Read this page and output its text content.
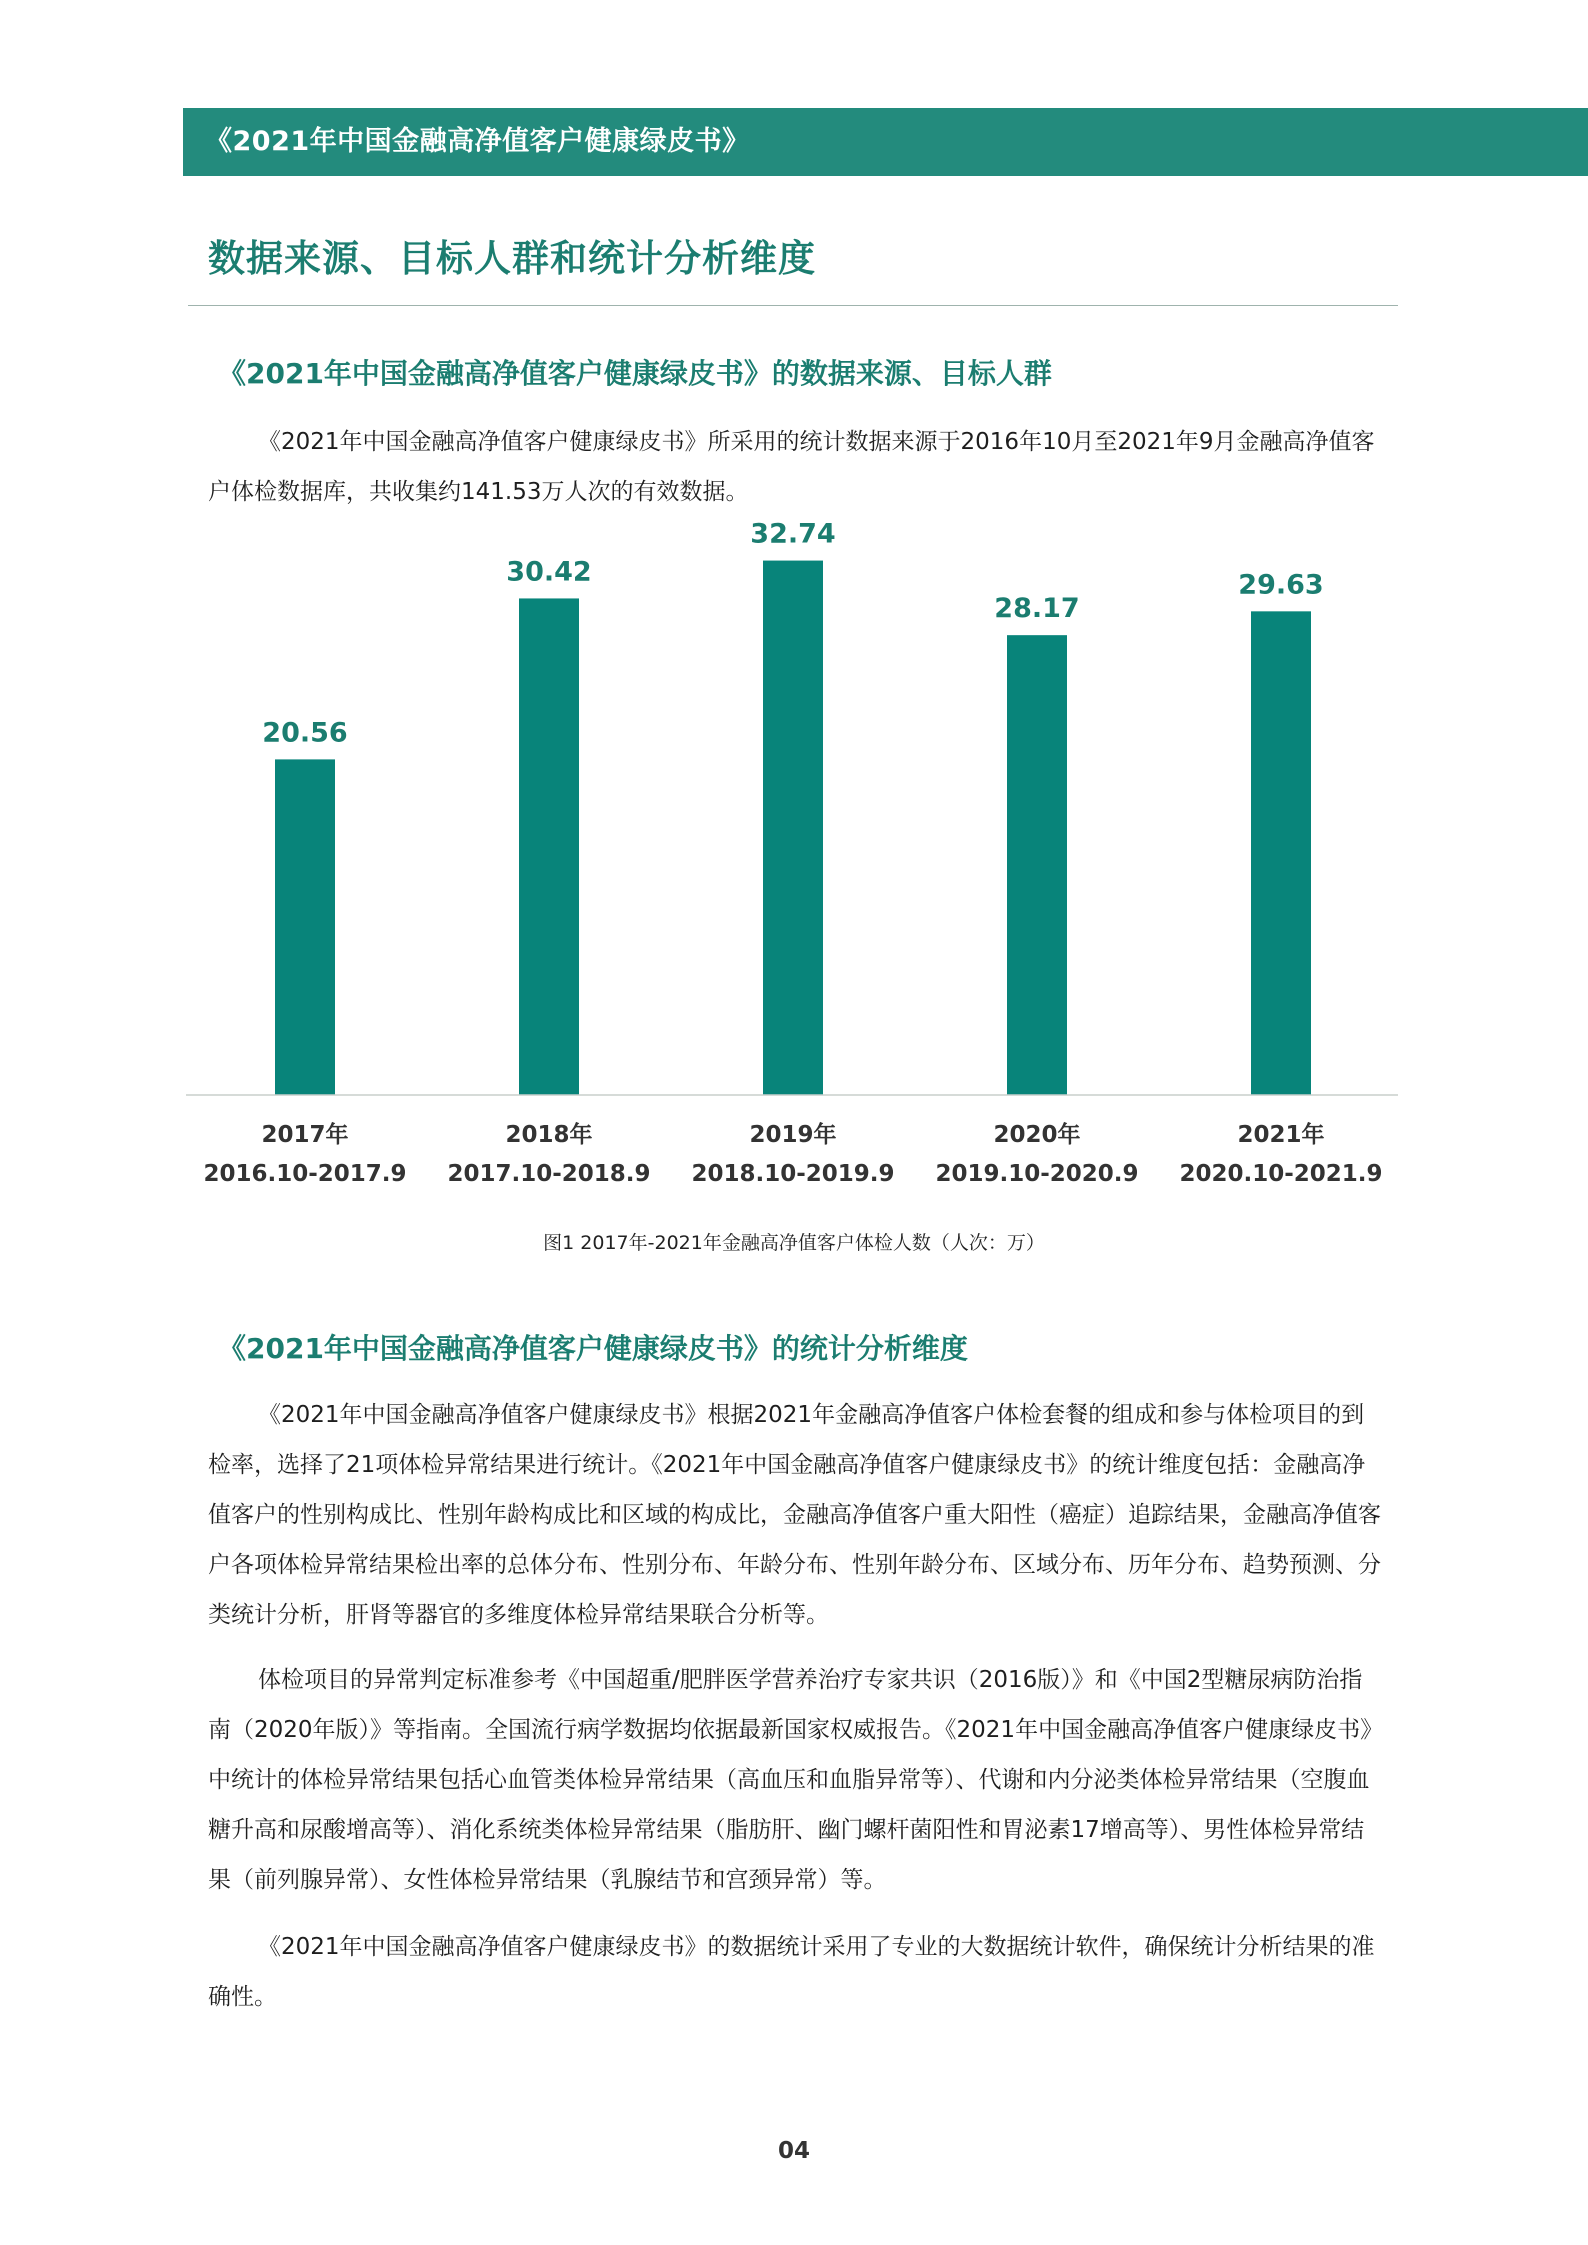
《2021年中国金融高净值客户健康绿皮书》
数据来源、目标人群和统计分析维度
《2021年中国金融高净值客户健康绿皮书》的数据来源、目标人群

《2021年中国金融高净值客户健康绿皮书》所采用的统计数据来源于2016年10月至2021年9月金融高净值客户体检数据库，共收集约141.53万人次的有效数据。

20.56
2017年
2016.10-2017.9
30.42
2018年
2017.10-2018.9
32.74
2019年
2018.10-2019.9
28.17
2020年
2019.10-2020.9
29.63
2021年
2020.10-2021.9
图1 2017年-2021年金融高净值客户体检人数（人次：万）
《2021年中国金融高净值客户健康绿皮书》的统计分析维度

《2021年中国金融高净值客户健康绿皮书》根据2021年金融高净值客户体检套餐的组成和参与体检项目的到检率，选择了21项体检异常结果进行统计。《2021年中国金融高净值客户健康绿皮书》的统计维度包括：金融高净值客户的性别构成比、性别年龄构成比和区域的构成比，金融高净值客户重大阳性（癌症）追踪结果，金融高净值客户各项体检异常结果检出率的总体分布、性别分布、年龄分布、性别年龄分布、区域分布、历年分布、趋势预测、分类统计分析，肝肾等器官的多维度体检异常结果联合分析等。

体检项目的异常判定标准参考《中国超重/肥胖医学营养治疗专家共识（2016版）》和《中国2型糖尿病防治指南（2020年版）》等指南。全国流行病学数据均依据最新国家权威报告。《2021年中国金融高净值客户健康绿皮书》中统计的体检异常结果包括心血管类体检异常结果（高血压和血脂异常等）、代谢和内分泌类体检异常结果（空腹血糖升高和尿酸增高等）、消化系统类体检异常结果（脂肪肝、幽门螺杆菌阳性和胃泌素17增高等）、男性体检异常结果（前列腺异常）、女性体检异常结果（乳腺结节和宫颈异常）等。

《2021年中国金融高净值客户健康绿皮书》的数据统计采用了专业的大数据统计软件，确保统计分析结果的准确性。

04
